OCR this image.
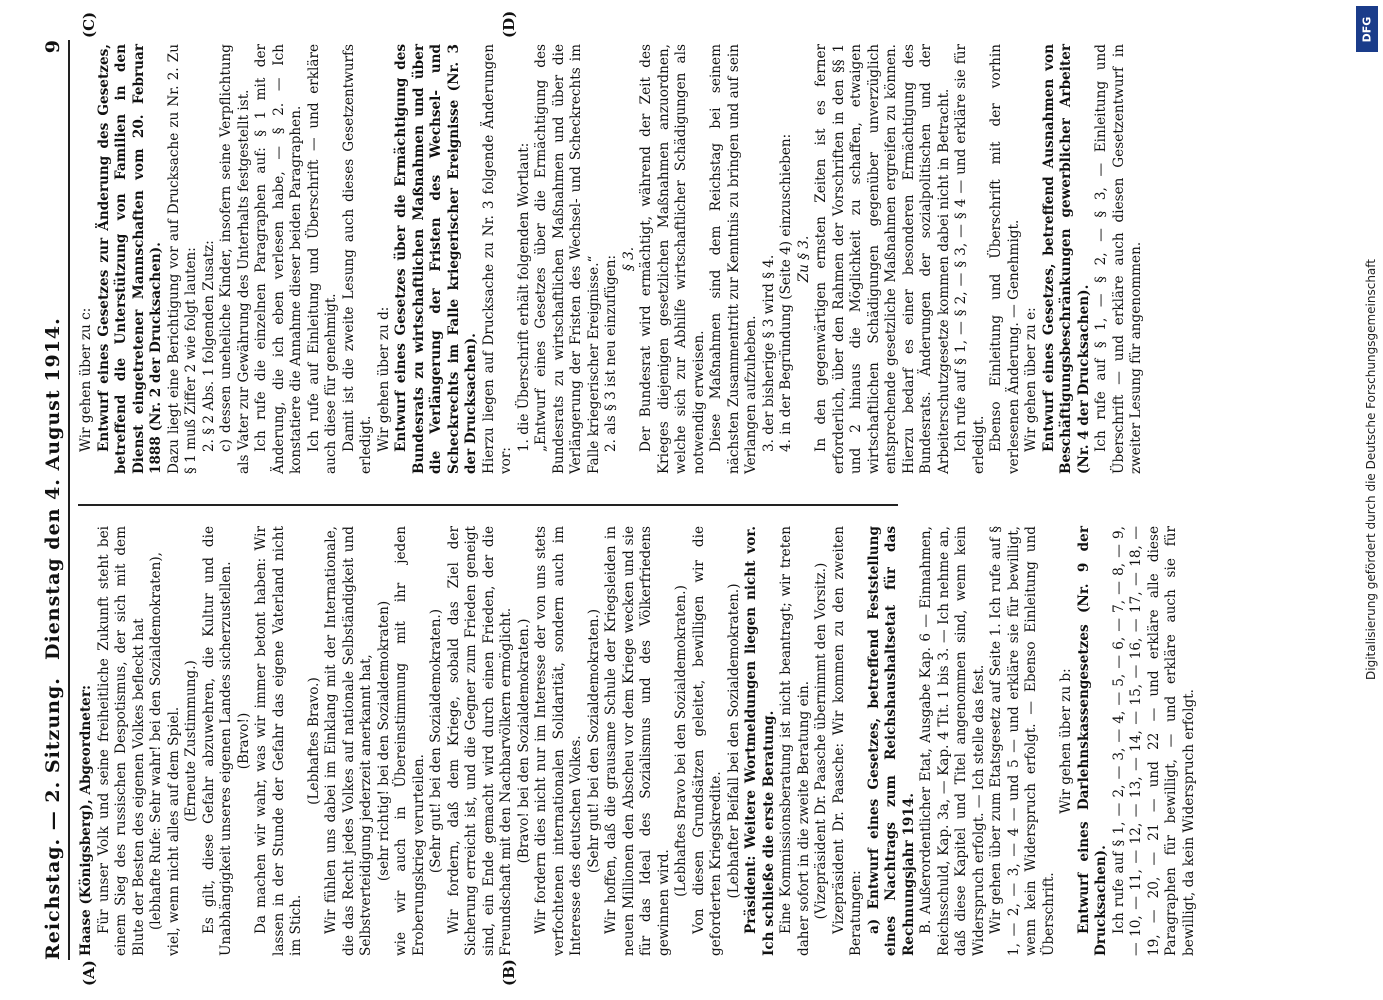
Reichstag. — 2. Sitzung.
Dienstag den 4. August 1914.
9
(A)	(B)
(C)	(D)

Haase (Königsberg), Abgeordneter: Für unser Volk und seine freiheitliche Zukunft steht bei einem Sieg des russischen Despotismus, der sich mit dem Blute der Besten des eigenen Volkes befleckt hat (lebhafte Rufe: Sehr wahr! bei den Sozialdemokraten), viel, wenn nicht alles auf dem Spiel. (Erneute Zustimmung.) Es gilt, diese Gefahr abzuwehren, die Kultur und die Unabhängigkeit unseres eigenen Landes sicherzustellen. (Bravo!) Da machen wir wahr, was wir immer betont haben: Wir lassen in der Stunde der Gefahr das eigene Vaterland nicht im Stich.

(Lebhaftes Bravo.) Wir fühlen uns dabei im Einklang mit der Internationale, die das Recht jedes Volkes auf nationale Selbständigkeit und Selbstverteidigung jederzeit anerkannt hat, (sehr richtig! bei den Sozialdemokraten) wie wir auch in Übereinstimmung mit ihr jeden Eroberungskrieg verurteilen. (Sehr gut! bei den Sozialdemokraten.) Wir fordern, daß dem Kriege, sobald das Ziel der Sicherung erreicht ist, und die Gegner zum Frieden geneigt sind, ein Ende gemacht wird durch einen Frieden, der die Freundschaft mit den Nachbarvölkern ermöglicht. (Bravo! bei den Sozialdemokraten.) Wir fordern dies nicht nur im Interesse der von uns stets verfochtenen internationalen Solidarität, sondern auch im Interesse des deutschen Volkes. (Sehr gut! bei den Sozialdemokraten.) Wir hoffen, daß die grausame Schule der Kriegsleiden in neuen Millionen den Abscheu vor dem Kriege wecken und sie für das Ideal des Sozialismus und des Völkerfriedens gewinnen wird.

(Lebhaftes Bravo bei den Sozialdemokraten.) Von diesen Grundsätzen geleitet, bewilligen wir die geforderten Kriegskredite. (Lebhafter Beifall bei den Sozialdemokraten.) Präsident: Weitere Wortmeldungen liegen nicht vor. Ich schließe die erste Beratung. Eine Kommissionsberatung ist nicht beantragt; wir treten daher sofort in die zweite Beratung ein. (Vizepräsident Dr. Paasche übernimmt den Vorsitz.) Vizepräsident Dr. Paasche: Wir kommen zu den zweiten Beratungen: a) Entwurf eines Gesetzes, betreffend Feststellung eines Nachtrags zum Reichshaushaltsetat für das Rechnungsjahr 1914. B. Außerordentlicher Etat, Ausgabe Kap. 6 — Einnahmen, Reichsschuld, Kap. 3a, — Kap. 4 Tit. 1 bis 3. — Ich nehme an, daß diese Kapitel und Titel angenommen sind, wenn kein Widerspruch erfolgt. — Ich stelle das fest. Wir gehen über zum Etatsgesetz auf Seite 1. Ich rufe auf § 1, — 2, — 3, — 4 — und 5 — und erkläre sie für bewilligt, wenn kein Widerspruch erfolgt. — Ebenso Einleitung und Überschrift.

Wir gehen über zu b: Entwurf eines Darlehnskassengesetzes (Nr. 9 der Drucksachen). Ich rufe auf § 1, — 2, — 3, — 4, — 5, — 6, — 7, — 8, — 9, — 10, — 11, — 12, — 13, — 14, — 15, — 16, — 17, — 18, — 19, — 20, — 21 — und 22 — und erkläre alle diese Paragraphen für bewilligt, — und erkläre auch sie für bewilligt, da kein Widerspruch erfolgt.

Wir gehen über zu c: Entwurf eines Gesetzes zur Änderung des Gesetzes, betreffend die Unterstützung von Familien in den Dienst eingetretener Mannschaften vom 20. Februar 1888 (Nr. 2 der Drucksachen). Dazu liegt eine Berichtigung vor auf Drucksache zu Nr. 2. Zu § 1 muß Ziffer 2 wie folgt lauten: 2. § 2 Abs. 1 folgenden Zusatz: c) dessen uneheliche Kinder, insofern seine Verpflichtung als Vater zur Gewährung des Unterhalts festgestellt ist. Ich rufe die einzelnen Paragraphen auf: § 1 mit der Änderung, die ich eben verlesen habe, — § 2. — Ich konstatiere die Annahme dieser beiden Paragraphen. Ich rufe auf Einleitung und Überschrift — und erkläre auch diese für genehmigt. Damit ist die zweite Lesung auch dieses Gesetzentwurfs erledigt. Wir gehen über zu d: Entwurf eines Gesetzes über die Ermächtigung des Bundesrats zu wirtschaftlichen Maßnahmen und über die Verlängerung der Fristen des Wechsel- und Scheckrechts im Falle kriegerischer Ereignisse (Nr. 3 der Drucksachen). Hierzu liegen auf Drucksache zu Nr. 3 folgende Änderungen vor:

1. die Überschrift erhält folgenden Wortlaut: „Entwurf eines Gesetzes über die Ermächtigung des Bundesrats zu wirtschaftlichen Maßnahmen und über die Verlängerung der Fristen des Wechsel- und Scheckrechts im Falle kriegerischer Ereignisse.“ 2. als § 3 ist neu einzufügen: § 3. Der Bundesrat wird ermächtigt, während der Zeit des Krieges diejenigen gesetzlichen Maßnahmen anzuordnen, welche sich zur Abhilfe wirtschaftlicher Schädigungen als notwendig erweisen. Diese Maßnahmen sind dem Reichstag bei seinem nächsten Zusammentritt zur Kenntnis zu bringen und auf sein Verlangen aufzuheben. 3. der bisherige § 3 wird § 4. 4. in der Begründung (Seite 4) einzuschieben: Zu § 3. In den gegenwärtigen ernsten Zeiten ist es ferner erforderlich, über den Rahmen der Vorschriften in den §§ 1 und 2 hinaus die Möglichkeit zu schaffen, etwaigen wirtschaftlichen Schädigungen gegenüber unverzüglich entsprechende gesetzliche Maßnahmen ergreifen zu können. Hierzu bedarf es einer besonderen Ermächtigung des Bundesrats. Änderungen der sozialpolitischen und der Arbeiterschutzgesetze kommen dabei nicht in Betracht. Ich rufe auf § 1, — § 2, — § 3, — § 4 — und erkläre sie für erledigt. Ebenso Einleitung und Überschrift mit der vorhin verlesenen Änderung. — Genehmigt. Wir gehen über zu e: Entwurf eines Gesetzes, betreffend Ausnahmen von Beschäftigungsbeschränkungen gewerblicher Arbeiter (Nr. 4 der Drucksachen). Ich rufe auf § 1, — § 2, — § 3, — Einleitung und Überschrift — und erkläre auch diesen Gesetzentwurf in zweiter Lesung für angenommen.

DFG
Digitalisierung gefördert durch die Deutsche Forschungsgemeinschaft
